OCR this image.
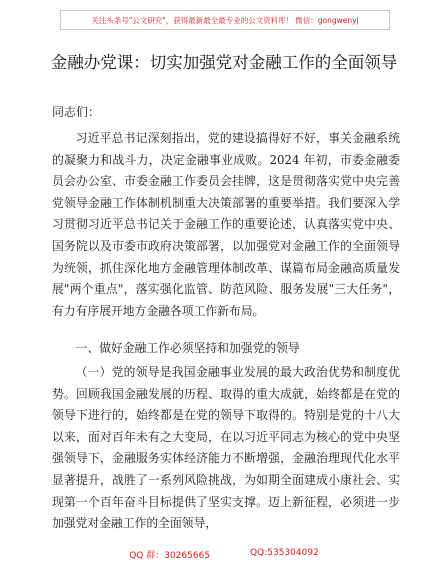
关注头条号"公文研究"，获得最新最全最专业的公文资料库！ 微信：gongwenyj
金融办党课：切实加强党对金融工作的全面领导
同志们：

习近平总书记深刻指出，党的建设搞得好不好，事关金融系统的凝聚力和战斗力，决定金融事业成败。2024 年初，市委金融委员会办公室、市委金融工作委员会挂牌，这是贯彻落实党中央完善党领导金融工作体制机制重大决策部署的重要举措。我们要深入学习贯彻习近平总书记关于金融工作的重要论述，认真落实党中央、国务院以及市委市政府决策部署，以加强党对金融工作的全面领导为统领，抓住深化地方金融管理体制改革、谋篇布局金融高质量发展"两个重点"，落实强化监管、防范风险、服务发展"三大任务"，有力有序展开地方金融各项工作新布局。

一、做好金融工作必须坚持和加强党的领导

（一）党的领导是我国金融事业发展的最大政治优势和制度优势。回顾我国金融发展的历程、取得的重大成就，始终都是在党的领导下进行的，始终都是在党的领导下取得的。特别是党的十八大以来，面对百年未有之大变局，在以习近平同志为核心的党中央坚强领导下，金融服务实体经济能力不断增强，金融治理现代化水平显著提升，战胜了一系列风险挑战，为如期全面建成小康社会、实现第一个百年奋斗目标提供了坚实支撑。迈上新征程，必须进一步加强党对金融工作的全面领导，

QQ 群：30265665	QQ:535304092
